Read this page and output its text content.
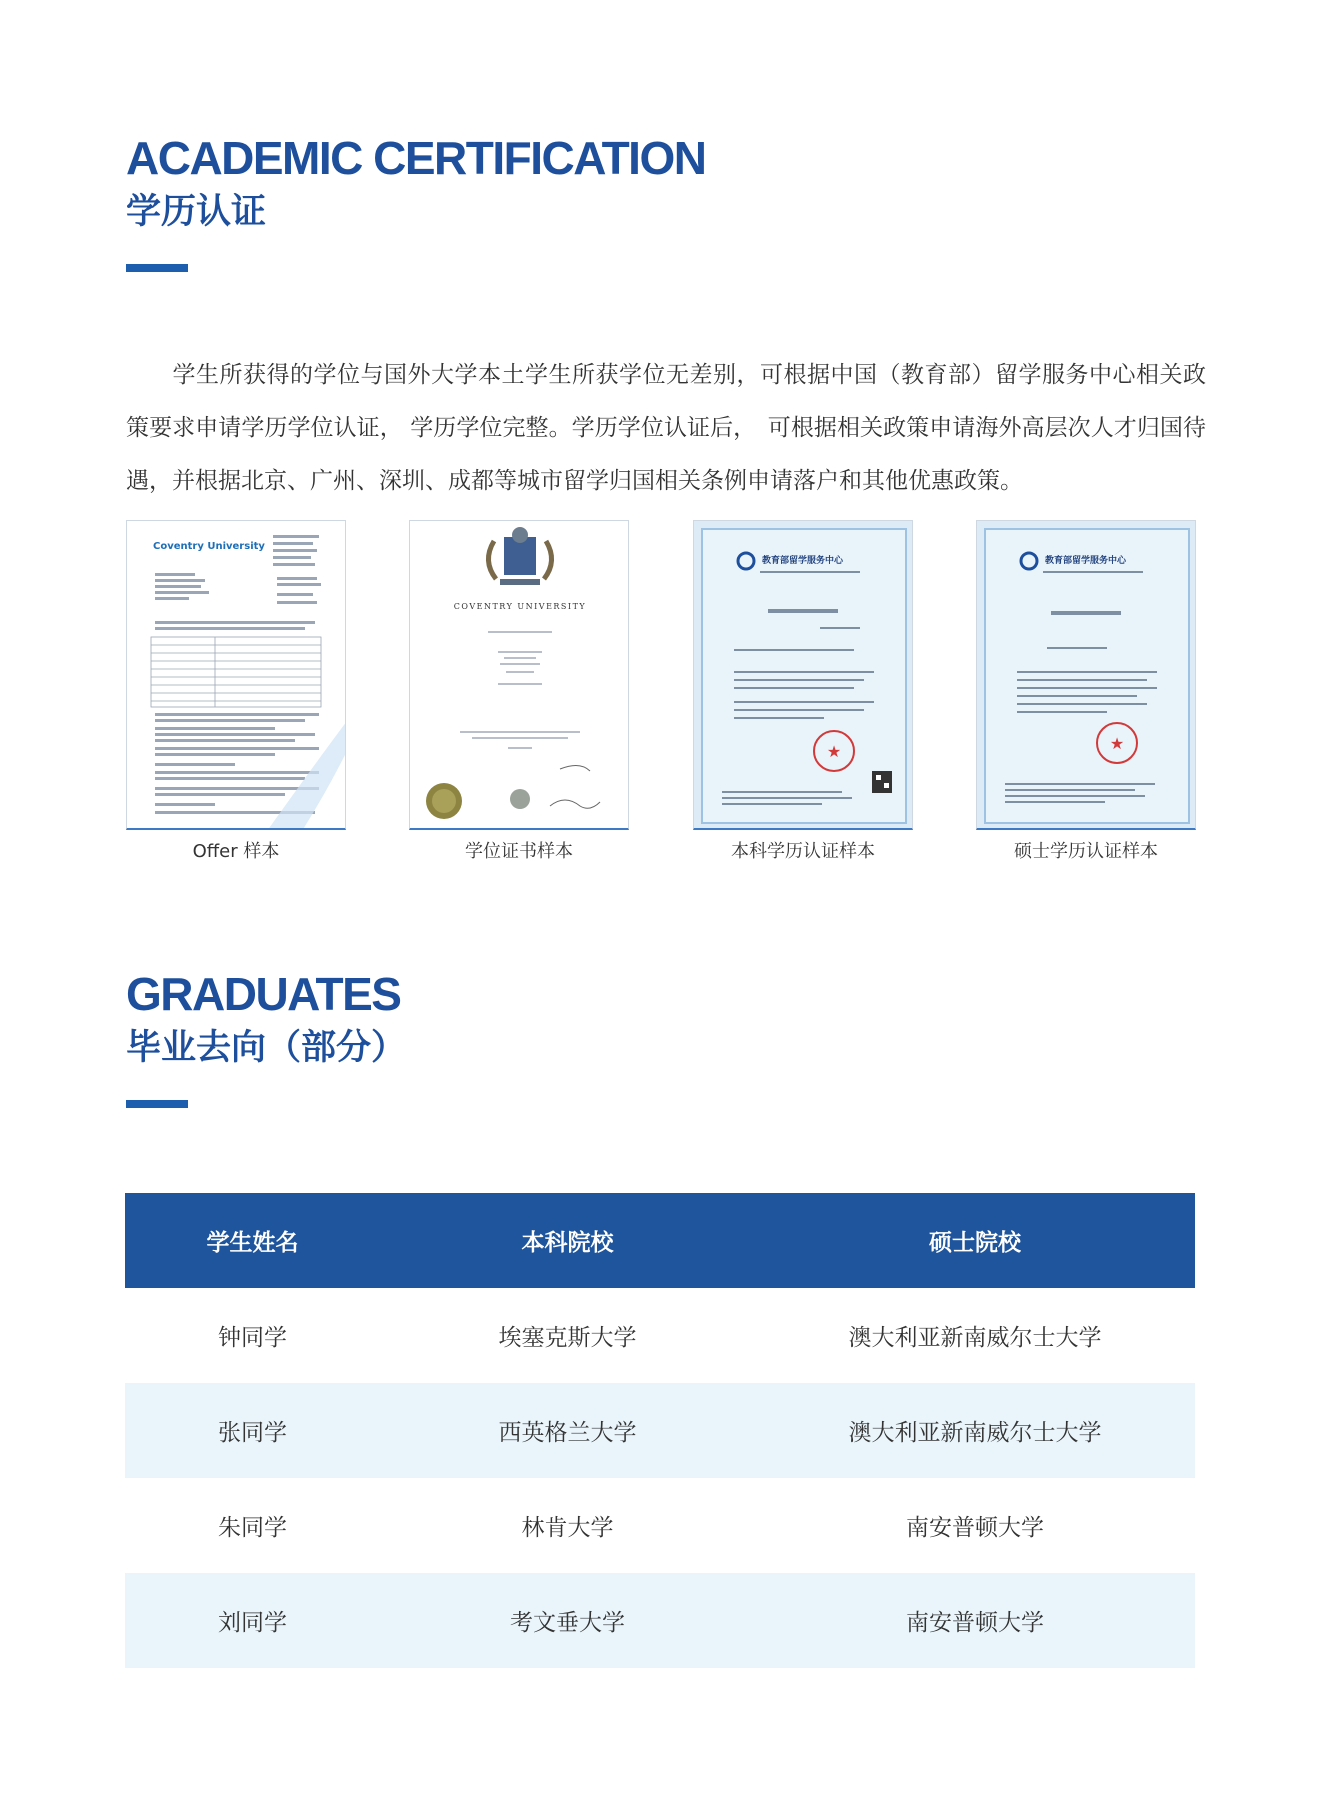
ACADEMIC CERTIFICATION
学历认证

学生所获得的学位与国外大学本土学生所获学位无差别，可根据中国（教育部）留学服务中心相关政策要求申请学历学位认证， 学历学位完整。学历学位认证后，　可根据相关政策申请海外高层次人才归国待遇，并根据北京、广州、深圳、成都等城市留学归国相关条例申请落户和其他优惠政策。

Coventry University
Offer 样本
COVENTRY UNIVERSITY
学位证书样本
教育部留学服务中心
★
本科学历认证样本
教育部留学服务中心
★
硕士学历认证样本
GRADUATES
毕业去向（部分）
学生姓名	本科院校	硕士院校
钟同学	埃塞克斯大学	澳大利亚新南威尔士大学
张同学	西英格兰大学	澳大利亚新南威尔士大学
朱同学	林肯大学	南安普顿大学
刘同学	考文垂大学	南安普顿大学
